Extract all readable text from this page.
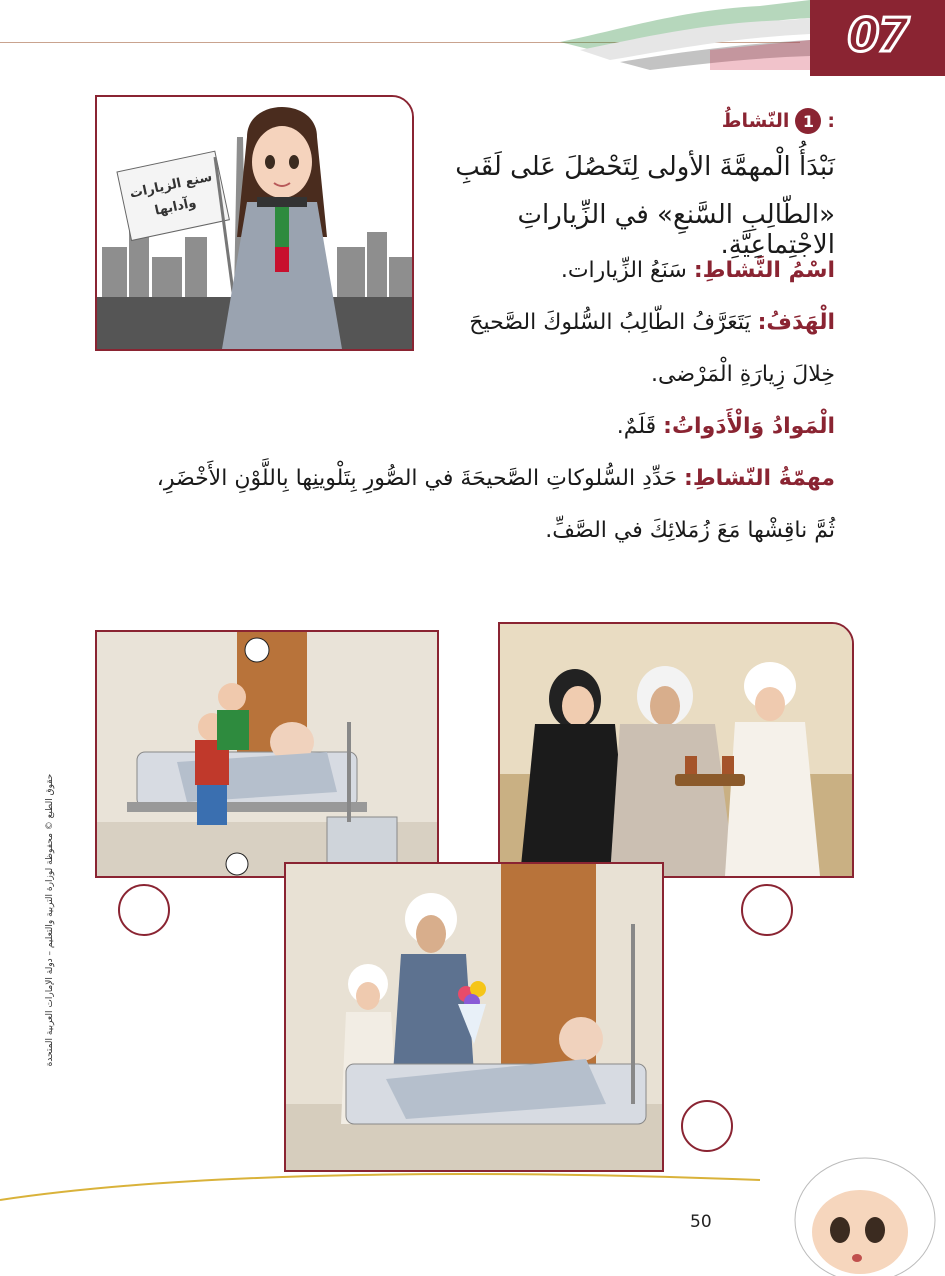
07
سنع الزيارات
وآدابها
النّشاطُ 1 :
نَبْدَأُ الْمهمَّةَ الأولى لِتَحْصُلَ عَلى لَقَبِ
«الطّالِبِ السَّنعِ» في الزِّياراتِ الاجْتِماعِيَّةِ.
اسْمُ النَّشاطِ: سَنَعُ الزِّيارات.
الْهَدَفُ: يَتَعَرَّفُ الطّالِبُ السُّلوكَ الصَّحيحَ
خِلالَ زِيارَةِ الْمَرْضى.
الْمَوادُ وَالْأَدَواتُ: قَلَمٌ.
مهمّةُ النّشاطِ: حَدِّدِ السُّلوكاتِ الصَّحيحَةَ في الصُّورِ بِتَلْوينِها بِاللَّوْنِ الأَخْضَرِ،
ثُمَّ ناقِشْها مَعَ زُمَلائِكَ في الصَّفِّ.
حقوق الطبع © محفوظة لوزارة التربية والتعليم – دولة الإمارات العربية المتحدة
50
